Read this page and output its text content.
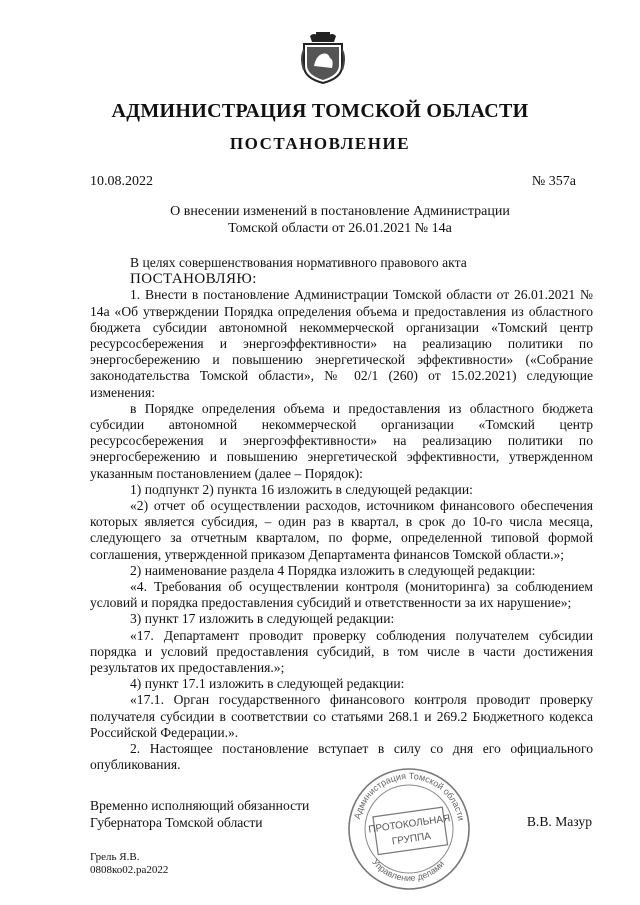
АДМИНИСТРАЦИЯ ТОМСКОЙ ОБЛАСТИ
ПОСТАНОВЛЕНИЕ
10.08.2022	№ 357а
О внесении изменений в постановление Администрации
Томской области от 26.01.2021 № 14а

В целях совершенствования нормативного правового акта

ПОСТАНОВЛЯЮ:

1. Внести в постановление Администрации Томской области от 26.01.2021 № 14а «Об утверждении Порядка определения объема и предоставления из областного бюджета субсидии автономной некоммерческой организации «Томский центр ресурсосбережения и энергоэффективности» на реализацию политики по энергосбережению и повышению энергетической эффективности» («Собрание законодательства Томской области», № 02/1 (260) от 15.02.2021) следующие изменения:

в Порядке определения объема и предоставления из областного бюджета субсидии автономной некоммерческой организации «Томский центр ресурсосбережения и энергоэффективности» на реализацию политики по энергосбережению и повышению энергетической эффективности, утвержденном указанным постановлением (далее – Порядок):

1) подпункт 2) пункта 16 изложить в следующей редакции:

«2) отчет об осуществлении расходов, источником финансового обеспечения которых является субсидия, – один раз в квартал, в срок до 10-го числа месяца, следующего за отчетным кварталом, по форме, определенной типовой формой соглашения, утвержденной приказом Департамента финансов Томской области.»;

2) наименование раздела 4 Порядка изложить в следующей редакции:

«4. Требования об осуществлении контроля (мониторинга) за соблюдением условий и порядка предоставления субсидий и ответственности за их нарушение»;

3) пункт 17 изложить в следующей редакции:

«17. Департамент проводит проверку соблюдения получателем субсидии порядка и условий предоставления субсидий, в том числе в части достижения результатов их предоставления.»;

4) пункт 17.1 изложить в следующей редакции:

«17.1. Орган государственного финансового контроля проводит проверку получателя субсидии в соответствии со статьями 268.1 и 269.2 Бюджетного кодекса Российской Федерации.».

2. Настоящее постановление вступает в силу со дня его официального опубликования.

Временно исполняющий обязанности
Губернатора Томской области	В.В. Мазур
Администрация Томской области
Управление делами
ПРОТОКОЛЬНАЯ
ГРУППА
Грель Я.В.
0808ко02.ра2022
